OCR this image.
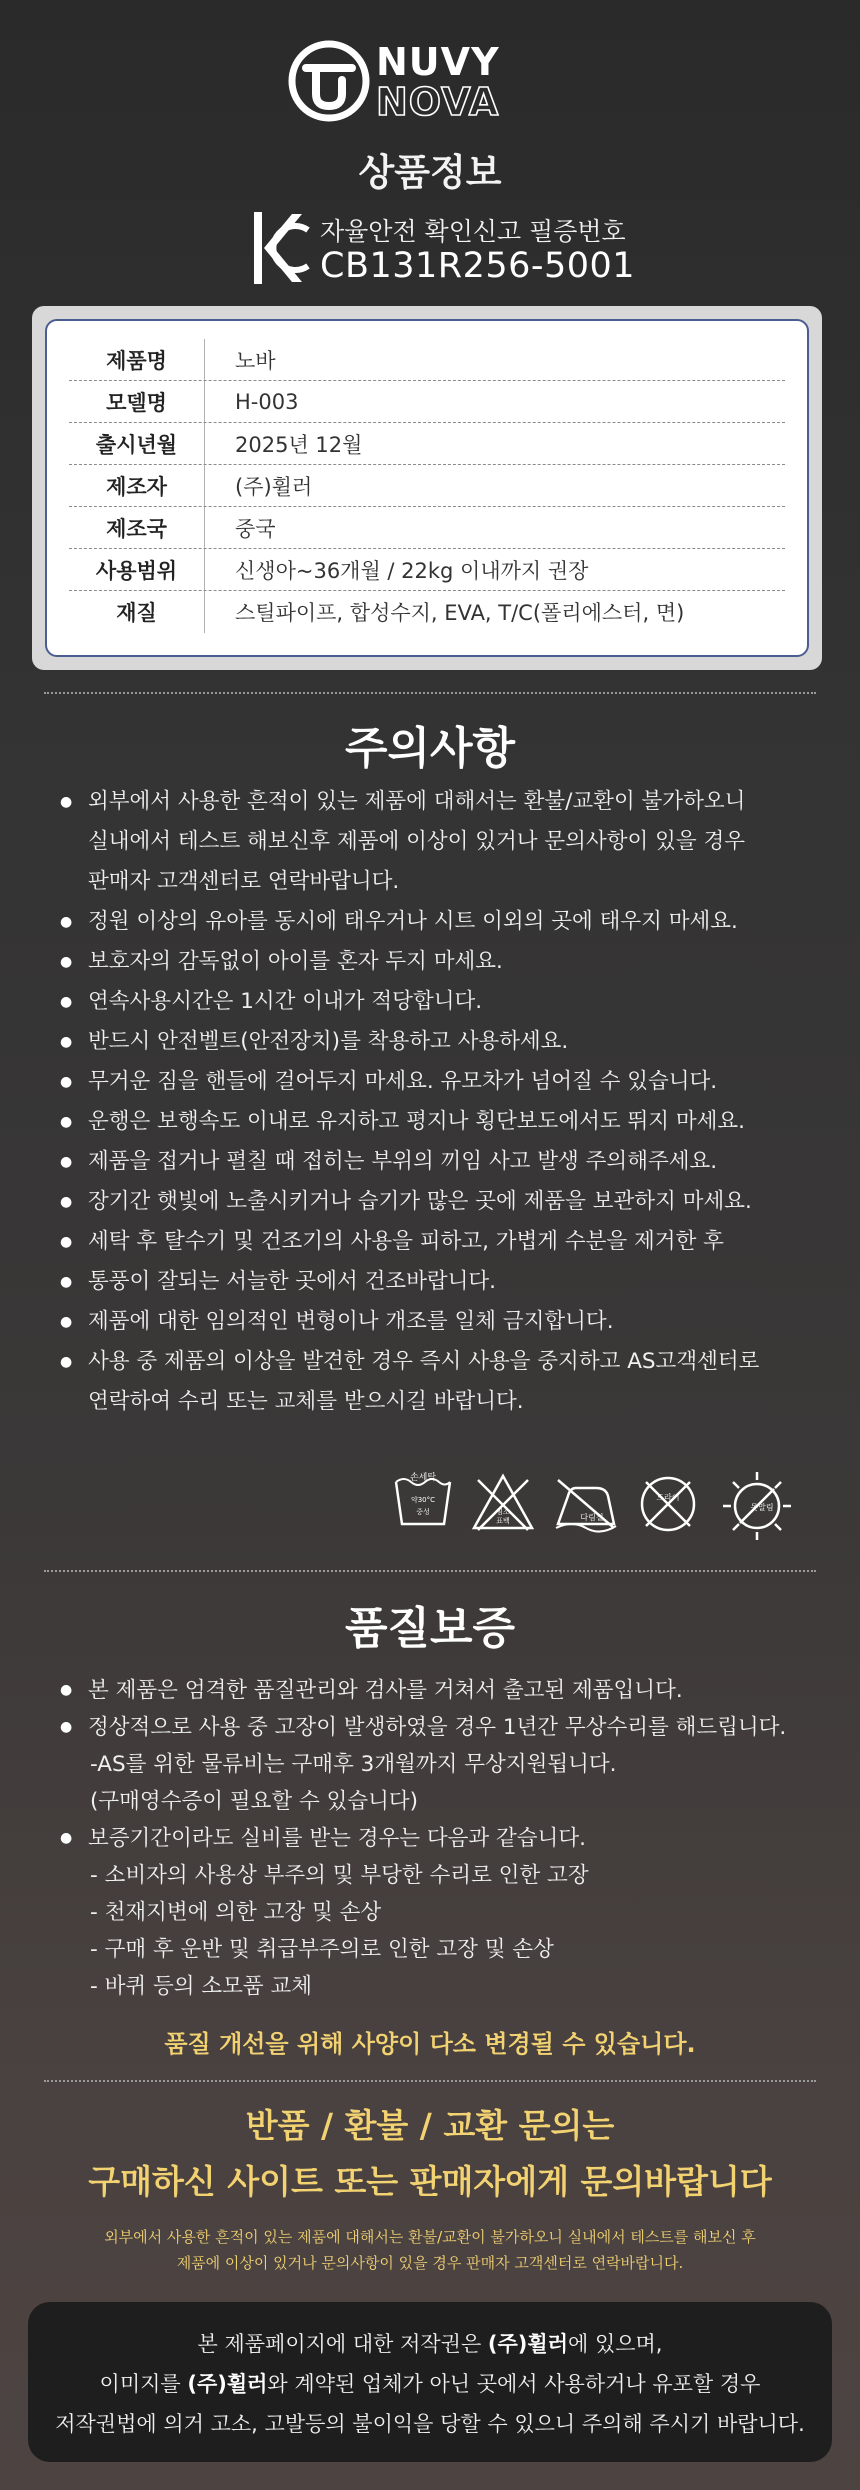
NUVY
NOVA
상품정보
자율안전 확인신고 필증번호
CB131R256-5001
제품명	노바
모델명	H-003
출시년월	2025년 12월
제조자	(주)휠러
제조국	중국
사용범위	신생아~36개월 / 22kg 이내까지 권장
재질	스틸파이프, 합성수지, EVA, T/C(폴리에스터, 면)
주의사항
● 외부에서 사용한 흔적이 있는 제품에 대해서는 환불/교환이 불가하오니
실내에서 테스트 해보신후 제품에 이상이 있거나 문의사항이 있을 경우
판매자 고객센터로 연락바랍니다.
● 정원 이상의 유아를 동시에 태우거나 시트 이외의 곳에 태우지 마세요.
● 보호자의 감독없이 아이를 혼자 두지 마세요.
● 연속사용시간은 1시간 이내가 적당합니다.
● 반드시 안전벨트(안전장치)를 착용하고 사용하세요.
● 무거운 짐을 핸들에 걸어두지 마세요. 유모차가 넘어질 수 있습니다.
● 운행은 보행속도 이내로 유지하고 평지나 횡단보도에서도 뛰지 마세요.
● 제품을 접거나 펼칠 때 접히는 부위의 끼임 사고 발생 주의해주세요.
● 장기간 햇빛에 노출시키거나 습기가 많은 곳에 제품을 보관하지 마세요.
● 세탁 후 탈수기 및 건조기의 사용을 피하고, 가볍게 수분을 제거한 후
● 통풍이 잘되는 서늘한 곳에서 건조바랍니다.
● 제품에 대한 임의적인 변형이나 개조를 일체 금지합니다.
● 사용 중 제품의 이상을 발견한 경우 즉시 사용을 중지하고 AS고객센터로
연락하여 수리 또는 교체를 받으시길 바랍니다.
손세탁
약30°C
중성	염소
표백	다림질
드라이
못말림
품질보증
● 본 제품은 엄격한 품질관리와 검사를 거쳐서 출고된 제품입니다.
● 정상적으로 사용 중 고장이 발생하였을 경우 1년간 무상수리를 해드립니다.
-AS를 위한 물류비는 구매후 3개월까지 무상지원됩니다.
(구매영수증이 필요할 수 있습니다)
● 보증기간이라도 실비를 받는 경우는 다음과 같습니다.
- 소비자의 사용상 부주의 및 부당한 수리로 인한 고장
- 천재지변에 의한 고장 및 손상
- 구매 후 운반 및 취급부주의로 인한 고장 및 손상
- 바퀴 등의 소모품 교체
품질 개선을 위해 사양이 다소 변경될 수 있습니다.
반품 / 환불 / 교환 문의는
구매하신 사이트 또는 판매자에게 문의바랍니다
외부에서 사용한 흔적이 있는 제품에 대해서는 환불/교환이 불가하오니 실내에서 테스트를 해보신 후
제품에 이상이 있거나 문의사항이 있을 경우 판매자 고객센터로 연락바랍니다.

본 제품페이지에 대한 저작권은 (주)휠러에 있으며,

이미지를 (주)휠러와 계약된 업체가 아닌 곳에서 사용하거나 유포할 경우

저작권법에 의거 고소, 고발등의 불이익을 당할 수 있으니 주의해 주시기 바랍니다.
